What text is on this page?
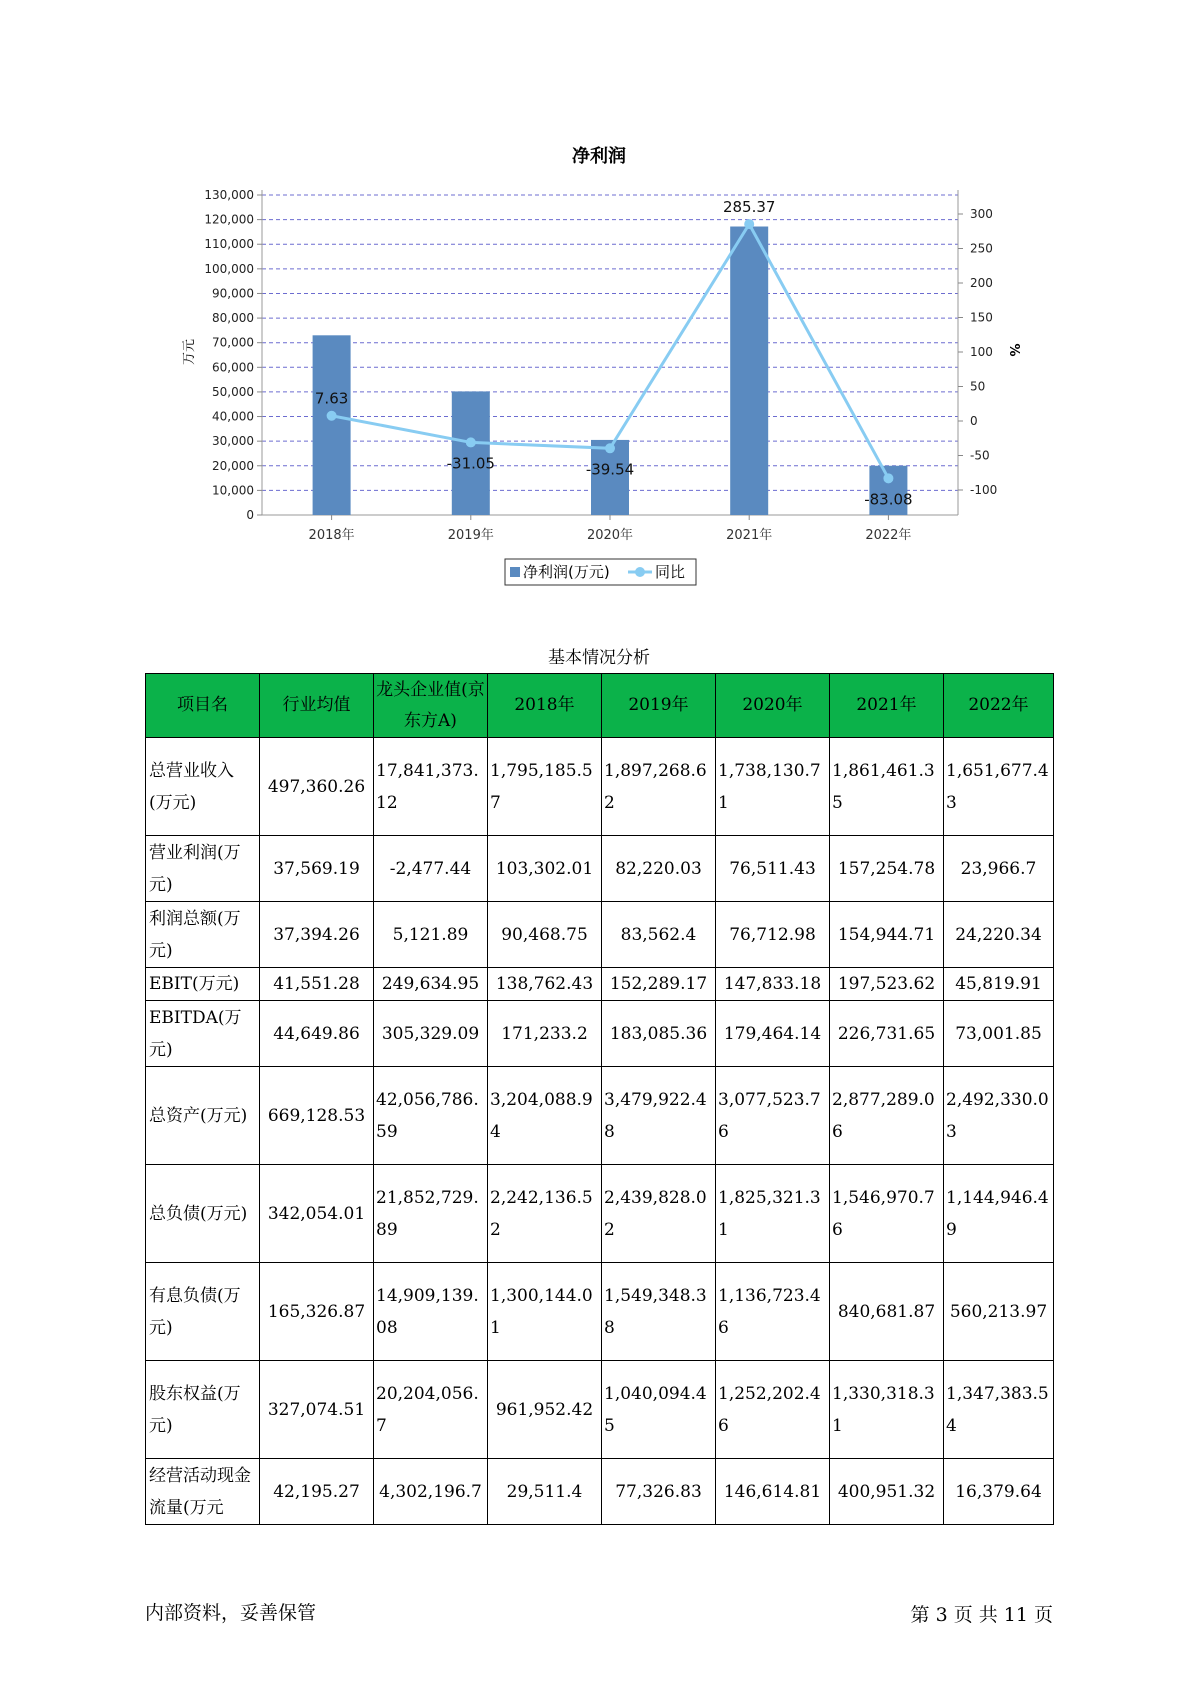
净利润
0
10,000
20,000
30,000
40,000
50,000
60,000
70,000
80,000
90,000
100,000
110,000
120,000
130,000
-100
-50
0
50
100
150
200
250
300
2018年	2019年	2020年	2021年	2022年
7.63
-31.05	-39.54
285.37
-83.08
万元	%
净利润(万元)	同比
基本情况分析
项目名	行业均值	龙头企业值(京东方A)	2018年	2019年	2020年	2021年	2022年
总营业收入(万元)	497,360.26	17,841,373.12	1,795,185.57	1,897,268.62	1,738,130.71	1,861,461.35	1,651,677.43
营业利润(万元)	37,569.19	-2,477.44	103,302.01	82,220.03	76,511.43	157,254.78	23,966.7
利润总额(万元)	37,394.26	5,121.89	90,468.75	83,562.4	76,712.98	154,944.71	24,220.34
EBIT(万元)	41,551.28	249,634.95	138,762.43	152,289.17	147,833.18	197,523.62	45,819.91
EBITDA(万元)	44,649.86	305,329.09	171,233.2	183,085.36	179,464.14	226,731.65	73,001.85
总资产(万元)	669,128.53	42,056,786.59	3,204,088.94	3,479,922.48	3,077,523.76	2,877,289.06	2,492,330.03
总负债(万元)	342,054.01	21,852,729.89	2,242,136.52	2,439,828.02	1,825,321.31	1,546,970.76	1,144,946.49
有息负债(万元)	165,326.87	14,909,139.08	1,300,144.01	1,549,348.38	1,136,723.46	840,681.87	560,213.97
股东权益(万元)	327,074.51	20,204,056.7	961,952.42	1,040,094.45	1,252,202.46	1,330,318.31	1,347,383.54
经营活动现金流量(万元	42,195.27	4,302,196.7	29,511.4	77,326.83	146,614.81	400,951.32	16,379.64
内部资料，妥善保管	第 3 页 共 11 页
